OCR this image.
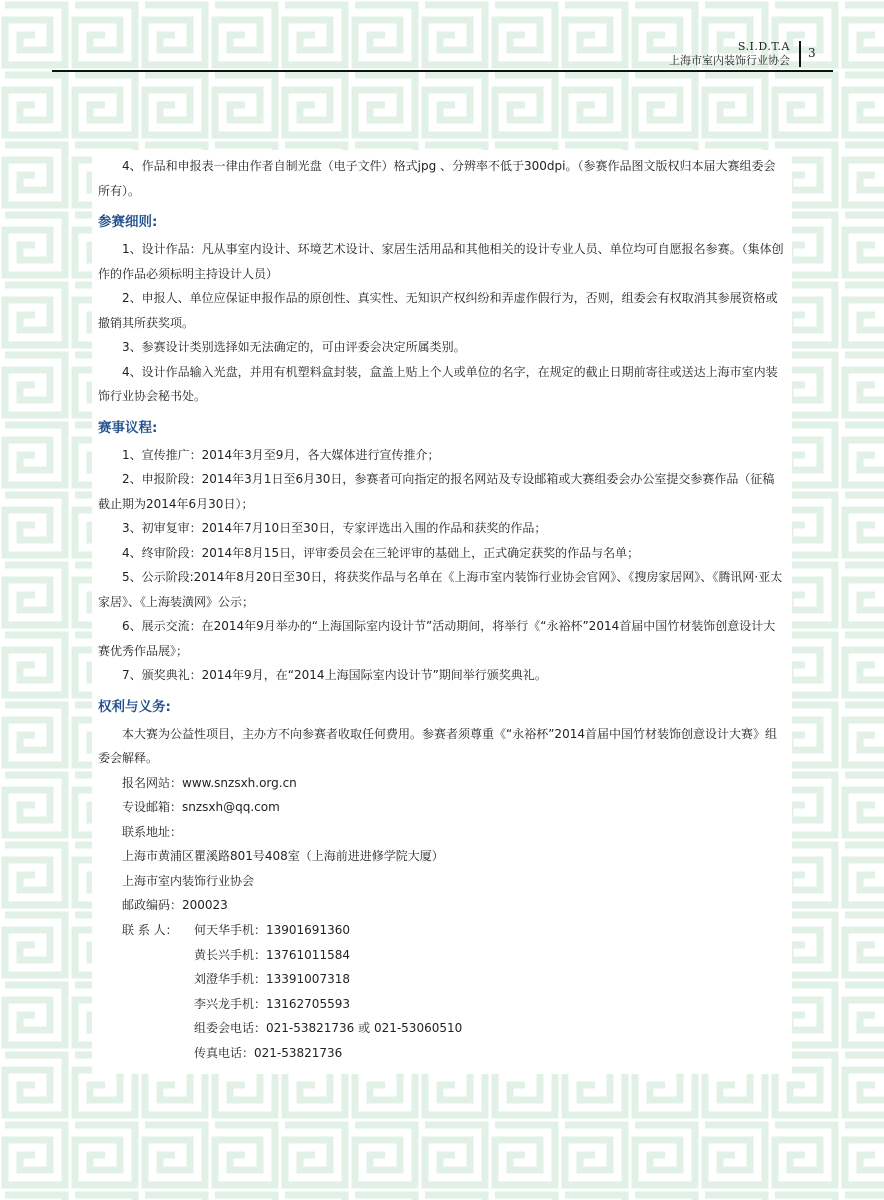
S.I.D.T.A
上海市室内装饰行业协会
3

4、作品和申报表一律由作者自制光盘（电子文件）格式jpg 、分辨率不低于300dpi。（参赛作品图文版权归本届大赛组委会所有）。

参赛细则:

1、设计作品：凡从事室内设计、环境艺术设计、家居生活用品和其他相关的设计专业人员、单位均可自愿报名参赛。（集体创作的作品必须标明主持设计人员）

2、申报人、单位应保证申报作品的原创性、真实性、无知识产权纠纷和弄虚作假行为，否则，组委会有权取消其参展资格或撤销其所获奖项。

3、参赛设计类别选择如无法确定的，可由评委会决定所属类别。

4、设计作品输入光盘，并用有机塑料盒封装，盒盖上贴上个人或单位的名字，在规定的截止日期前寄往或送达上海市室内装饰行业协会秘书处。

赛事议程:

1、宣传推广：2014年3月至9月，各大媒体进行宣传推介；

2、申报阶段：2014年3月1日至6月30日，参赛者可向指定的报名网站及专设邮箱或大赛组委会办公室提交参赛作品（征稿截止期为2014年6月30日）；

3、初审复审：2014年7月10日至30日，专家评选出入围的作品和获奖的作品；

4、终审阶段：2014年8月15日，评审委员会在三轮评审的基础上，正式确定获奖的作品与名单；

5、公示阶段:2014年8月20日至30日，将获奖作品与名单在《上海市室内装饰行业协会官网》、《搜房家居网》、《腾讯网·亚太家居》、《上海装潢网》公示；

6、展示交流：在2014年9月举办的“上海国际室内设计节”活动期间，将举行《“永裕杯”2014首届中国竹材装饰创意设计大赛优秀作品展》；

7、颁奖典礼：2014年9月，在“2014上海国际室内设计节”期间举行颁奖典礼。

权利与义务:

本大赛为公益性项目，主办方不向参赛者收取任何费用。参赛者须尊重《“永裕杯”2014首届中国竹材装饰创意设计大赛》组委会解释。

报名网站：www.snzsxh.org.cn

专设邮箱：snzsxh@qq.com

联系地址：

上海市黄浦区瞿溪路801号408室（上海前进进修学院大厦）

上海市室内装饰行业协会

邮政编码：200023

联 系 人： 何天华手机：13901691360

黄长兴手机：13761011584

刘澄华手机：13391007318

李兴龙手机：13162705593

组委会电话：021-53821736 或 021-53060510

传真电话：021-53821736
